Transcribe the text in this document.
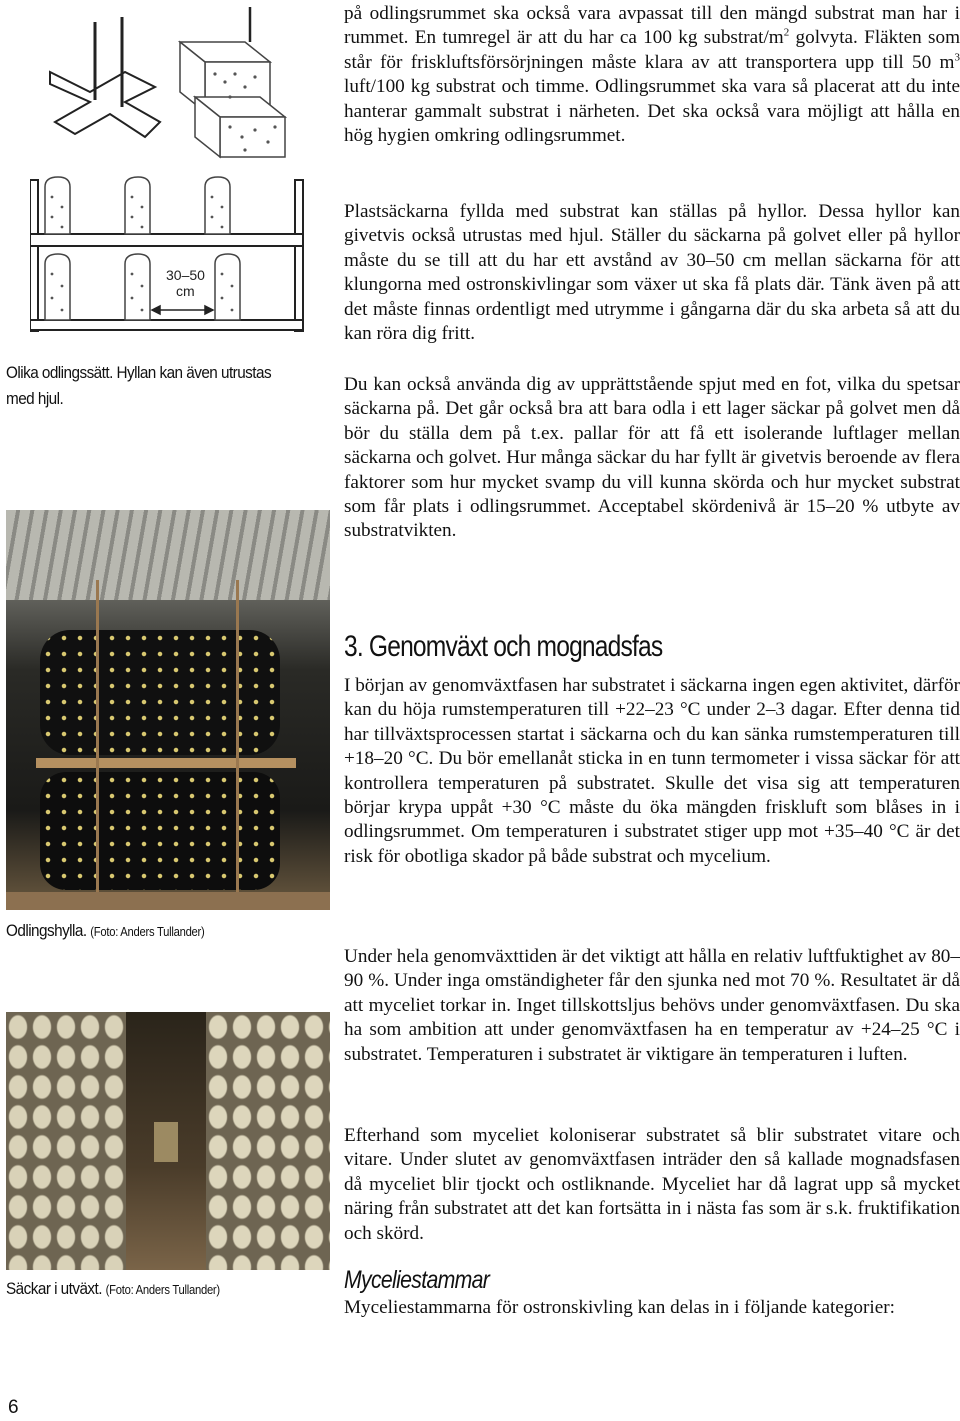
30–50
cm
Olika odlingssätt. Hyllan kan även utrustas med hjul.
Odlingshylla. (Foto: Anders Tullander)
Säckar i utväxt. (Foto: Anders Tullander)
6

på odlingsrummet ska också vara avpassat till den mängd substrat man har i rummet. En tumregel är att du har ca 100 kg substrat/$m^2$ golvyta. Fläkten som står för friskluftsförsörjningen måste klara av att transportera upp till 50 $m^3$ luft/100 kg substrat och timme. Odlingsrummet ska vara så placerat att du inte hanterar gammalt substrat i närheten. Det ska också vara möjligt att hålla en hög hygien omkring odlingsrummet.

Plastsäckarna fyllda med substrat kan ställas på hyllor. Dessa hyllor kan givetvis också utrustas med hjul. Ställer du säckarna på golvet eller på hyllor måste du se till att du har ett avstånd av 30–50 cm mellan säckarna för att klungorna med ostronskivlingar som växer ut ska få plats där. Tänk även på att det måste finnas ordentligt med utrymme i gångarna där du ska arbeta så att du kan röra dig fritt.

Du kan också använda dig av upprättstående spjut med en fot, vilka du spetsar säckarna på. Det går också bra att bara odla i ett lager säckar på golvet men då bör du ställa dem på t.ex. pallar för att få ett isolerande luftlager mellan säckarna och golvet. Hur många säckar du har fyllt är givetvis beroende av flera faktorer som hur mycket svamp du vill kunna skörda och hur mycket substrat som får plats i odlingsrummet. Acceptabel skördenivå är 15–20 % utbyte av substratvikten.

3. Genomväxt och mognadsfas

I början av genomväxtfasen har substratet i säckarna ingen egen aktivitet, därför kan du höja rumstemperaturen till +22–23 °C under 2–3 dagar. Efter denna tid har tillväxtsprocessen startat i säckarna och du kan sänka rumstemperaturen till +18–20 °C. Du bör emellanåt sticka in en tunn termometer i vissa säckar för att kontrollera temperaturen på substratet. Skulle det visa sig att temperaturen börjar krypa uppåt +30 °C måste du öka mängden friskluft som blåses in i odlingsrummet. Om temperaturen i substratet stiger upp mot +35–40 °C är det risk för obotliga skador på både substrat och mycelium.

Under hela genomväxttiden är det viktigt att hålla en relativ luftfuktighet av 80–90 %. Under inga omständigheter får den sjunka ned mot 70 %. Resultatet är då att myceliet torkar in. Inget tillskottsljus behövs under genomväxtfasen. Du ska ha som ambition att under genomväxtfasen ha en temperatur av +24–25 °C i substratet. Temperaturen i substratet är viktigare än temperaturen i luften.

Efterhand som myceliet koloniserar substratet så blir substratet vitare och vitare. Under slutet av genomväxtfasen inträder den så kallade mognadsfasen då myceliet blir tjockt och ostliknande. Myceliet har då lagrat upp så mycket näring från substratet att det kan fortsätta in i nästa fas som är s.k. fruktifikation och skörd.

Myceliestammar

Myceliestammarna för ostronskivling kan delas in i följande kategorier:
